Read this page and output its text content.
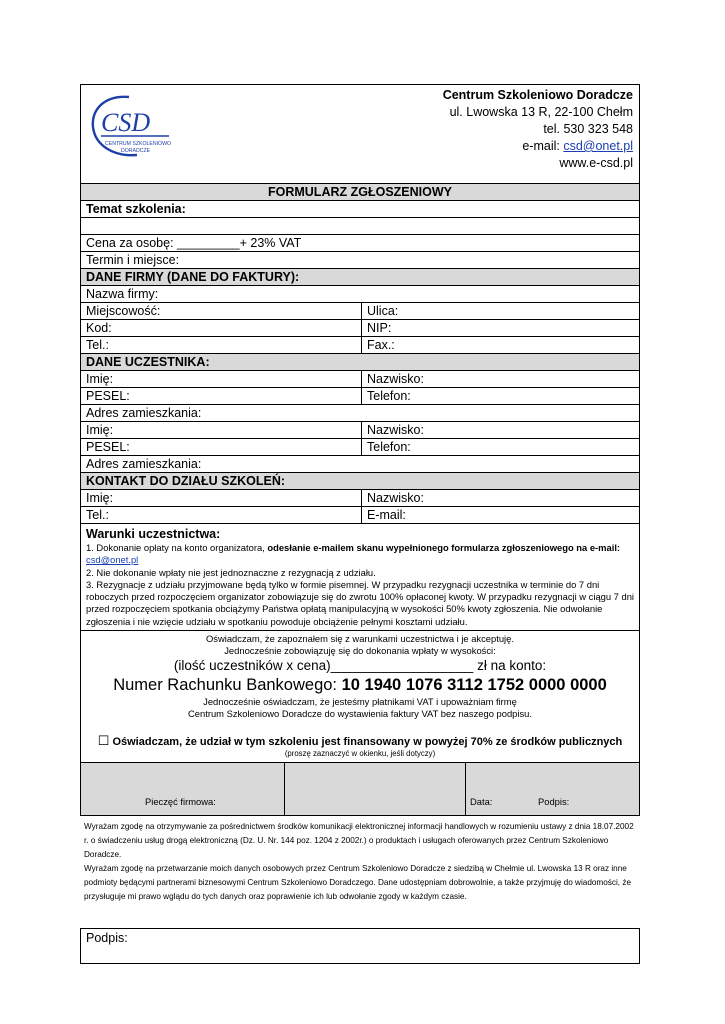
CSD
CENTRUM SZKOLENIOWO
DORADCZE
Centrum Szkoleniowo Doradcze
ul. Lwowska 13 R, 22-100 Chełm
tel. 530 323 548
e-mail: csd@onet.pl
www.e-csd.pl
FORMULARZ ZGŁOSZENIOWY
Temat szkolenia:
Cena za osobę: _________+ 23% VAT
Termin i miejsce:
DANE FIRMY (DANE DO FAKTURY):
Nazwa firmy:
Miejscowość:	Ulica:
Kod:	NIP:
Tel.:	Fax.:
DANE UCZESTNIKA:
Imię:	Nazwisko:
PESEL:	Telefon:
Adres zamieszkania:
Imię:	Nazwisko:
PESEL:	Telefon:
Adres zamieszkania:
KONTAKT DO DZIAŁU SZKOLEŃ:
Imię:	Nazwisko:
Tel.:	E-mail:
Warunki uczestnictwa:
1. Dokonanie opłaty na konto organizatora, odesłanie e-mailem skanu wypełnionego formularza zgłoszeniowego na e-mail: csd@onet.pl
2. Nie dokonanie wpłaty nie jest jednoznaczne z rezygnacją z udziału.
3. Rezygnacje z udziału przyjmowane będą tylko w formie pisemnej. W przypadku rezygnacji uczestnika w terminie do 7 dni roboczych przed rozpoczęciem organizator zobowiązuje się do zwrotu 100% opłaconej kwoty. W przypadku rezygnacji w ciągu 7 dni przed rozpoczęciem spotkania obciążymy Państwa opłatą manipulacyjną w wysokości 50% kwoty zgłoszenia. Nie odwołanie zgłoszenia i nie wzięcie udziału w spotkaniu powoduje obciążenie pełnymi kosztami udziału.
Oświadczam, że zapoznałem się z warunkami uczestnictwa i je akceptuję.
Jednocześnie zobowiązuję się do dokonania wpłaty w wysokości:
(ilość uczestników x cena)___________________ zł na konto:
Numer Rachunku Bankowego: 10 1940 1076 3112 1752 0000 0000
Jednocześnie oświadczam, że jesteśmy płatnikami VAT i upoważniam firmę
Centrum Szkoleniowo Doradcze do wystawienia faktury VAT bez naszego podpisu.
☐ Oświadczam, że udział w tym szkoleniu jest finansowany w powyżej 70% ze środków publicznych
(proszę zaznaczyć w okienku, jeśli dotyczy)
Pieczęć firmowa:	Data:	Podpis:

Wyrażam zgodę na otrzymywanie za pośrednictwem środków komunikacji elektronicznej informacji handlowych w rozumieniu ustawy z dnia 18.07.2002 r. o świadczeniu usług drogą elektroniczną (Dz. U. Nr. 144 poz. 1204 z 2002r.) o produktach i usługach oferowanych przez Centrum Szkoleniowo Doradcze.

Wyrażam zgodę na przetwarzanie moich danych osobowych przez Centrum Szkoleniowo Doradcze z siedzibą w Chełmie ul. Lwowska 13 R oraz inne podmioty będącymi partnerami biznesowymi Centrum Szkoleniowo Doradczego. Dane udostępniam dobrowolnie, a także przyjmuję do wiadomości, że przysługuje mi prawo wglądu do tych danych oraz poprawienie ich lub odwołanie zgody w każdym czasie.

Podpis:
